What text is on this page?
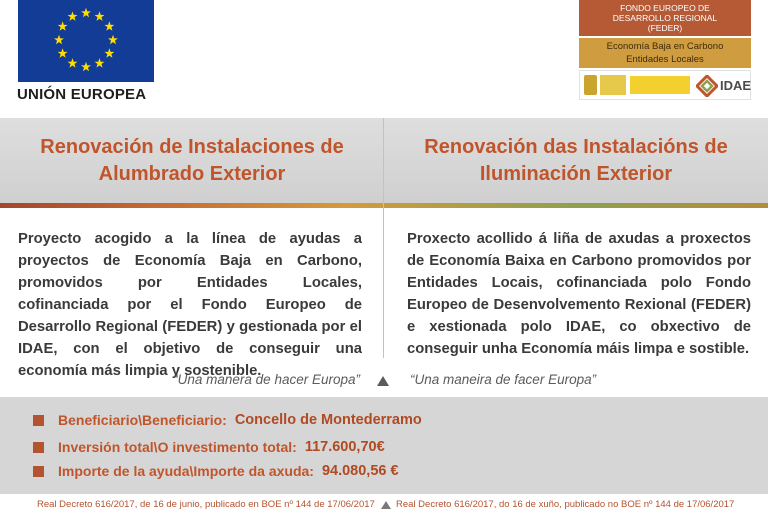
UNIÓN EUROPEA
FONDO EUROPEO DE
DESARROLLO REGIONAL
(FEDER)
Economía Baja en Carbono
Entidades Locales
IDAE
Renovación de Instalaciones de
Alumbrado Exterior
Renovación das Instalacións de
Iluminación Exterior

Proyecto acogido a la línea de ayudas a proyectos de Economía Baja en Carbono, promovidos por Entidades Locales, cofinanciada por el Fondo Europeo de Desarrollo Regional (FEDER) y gestionada por el IDAE, con el objetivo de conseguir una economía más limpia y sostenible.

Proxecto acollido á liña de axudas a proxectos de Economía Baixa en Carbono promovidos por Entidades Locais, cofinanciada polo Fondo Europeo de Desenvolvemento Rexional (FEDER) e xestionada polo IDAE, co obxectivo de conseguir unha Economía máis limpa e sostible.

“Una manera de hacer Europa”	“Una maneira de facer Europa”
Beneficiario\Beneficiario: Concello de Montederramo
Inversión total\O investimento total: 117.600,70€
Importe de la ayuda\Importe da axuda: 94.080,56 €
Real Decreto 616/2017, de 16 de junio, publicado en BOE nº 144 de 17/06/2017 Real Decreto 616/2017, do 16 de xuño, publicado no BOE nº 144 de 17/06/2017
